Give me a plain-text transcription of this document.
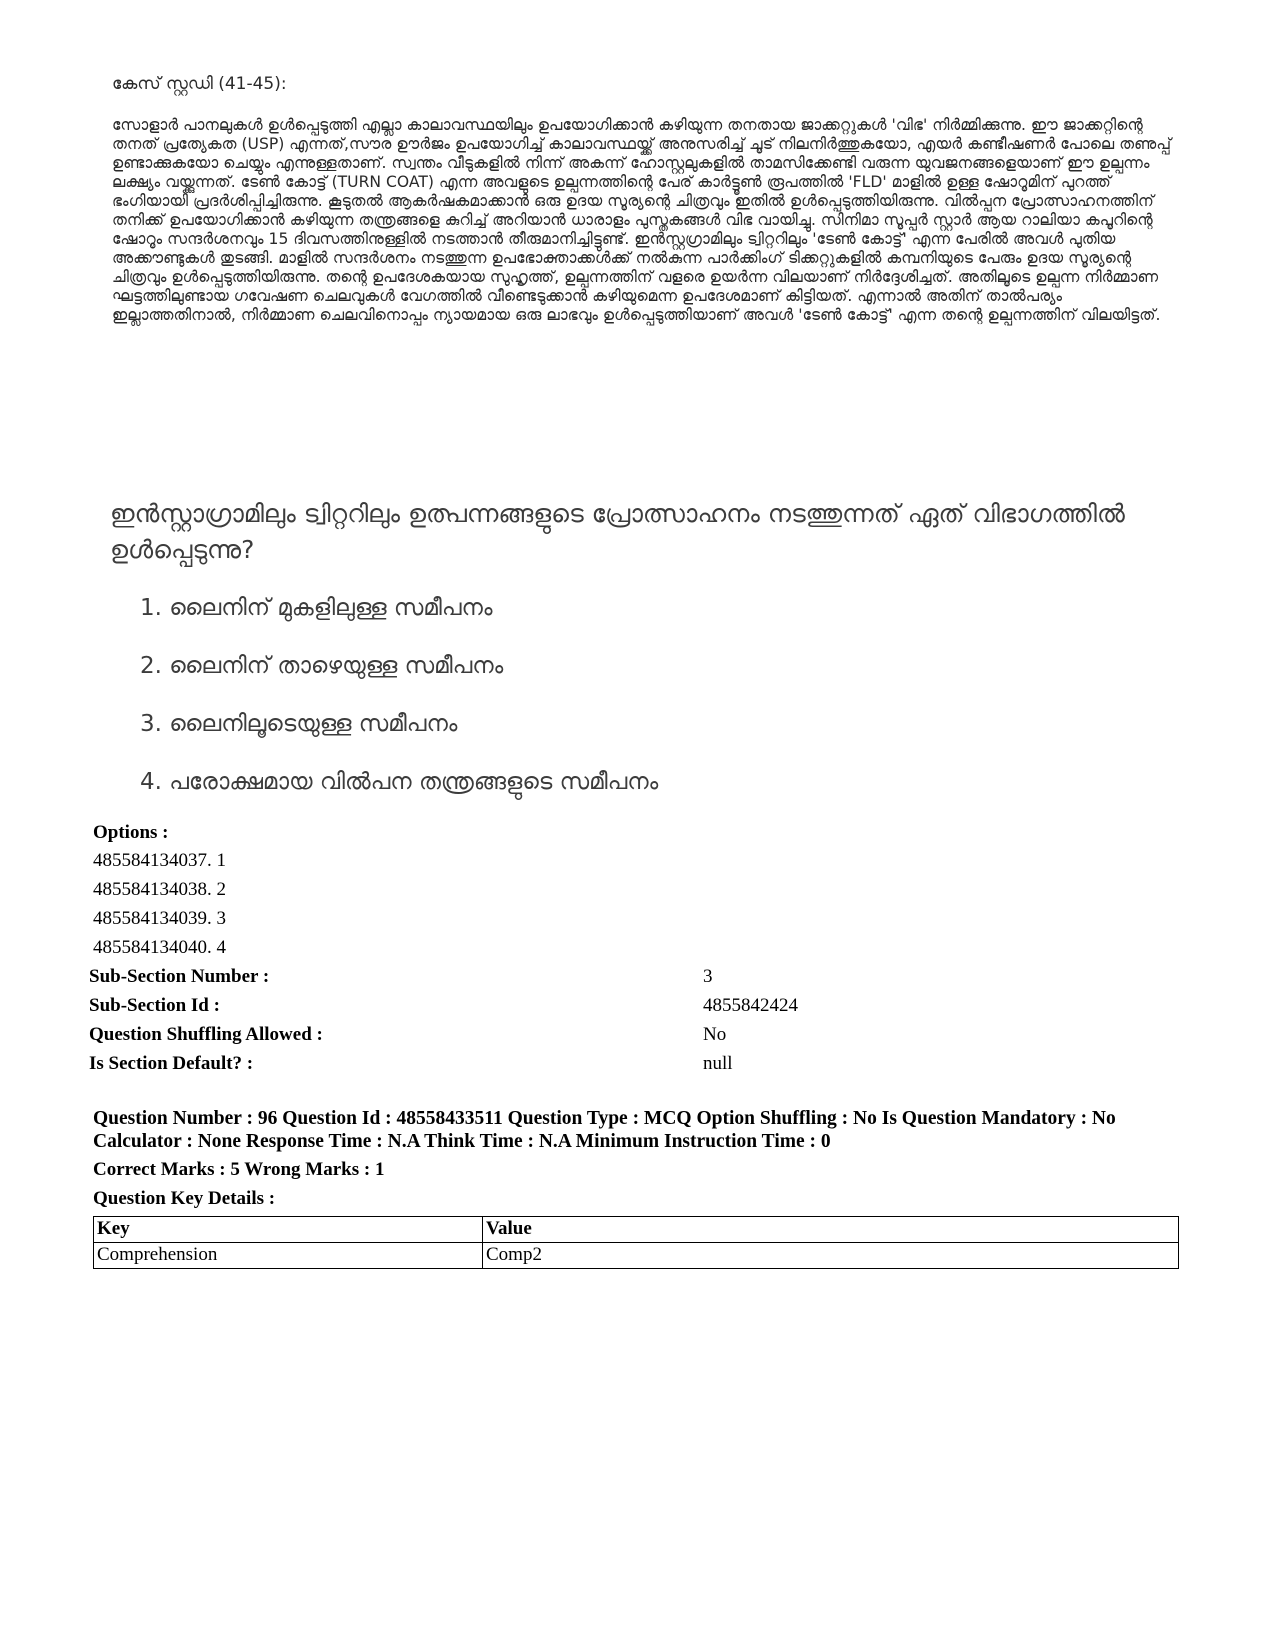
കേസ് സ്റ്റഡി (41-45):
സോളാർ പാനലുകൾ ഉൾപ്പെടുത്തി എല്ലാ കാലാവസ്ഥയിലും ഉപയോഗിക്കാൻ കഴിയുന്ന തനതായ ജാക്കറ്റുകൾ 'വിഭ' നിർമ്മിക്കുന്നു. ഈ ജാക്കറ്റിന്റെ തനത് പ്രത്യേകത (USP) എന്നത്,സൗര ഊർജം ഉപയോഗിച്ച് കാലാവസ്ഥയ്ക്ക് അനുസരിച്ച് ചൂട് നിലനിർത്തുകയോ, എയർ കണ്ടീഷണർ പോലെ തണുപ്പ് ഉണ്ടാക്കുകയോ ചെയ്യും എന്നുള്ളതാണ്. സ്വന്തം വീടുകളിൽ നിന്ന് അകന്ന് ഹോസ്റ്റലുകളിൽ താമസിക്കേണ്ടി വരുന്ന യുവജനങ്ങളെയാണ് ഈ ഉല്പന്നം ലക്ഷ്യം വയ്ക്കുന്നത്. ടേൺ കോട്ട് (TURN COAT) എന്ന അവളുടെ ഉല്പന്നത്തിന്റെ പേര് കാർട്ടൂൺ രൂപത്തിൽ 'FLD' മാളിൽ ഉള്ള ഷോറൂമിന് പുറത്ത് ഭംഗിയായി പ്രദർശിപ്പിച്ചിരുന്നു. കൂടുതൽ ആകർഷകമാക്കാൻ ഒരു ഉദയ സൂര്യന്റെ ചിത്രവും ഇതിൽ ഉൾപ്പെടുത്തിയിരുന്നു. വിൽപ്പന പ്രോത്സാഹനത്തിന് തനിക്ക് ഉപയോഗിക്കാൻ കഴിയുന്ന തന്ത്രങ്ങളെ കുറിച്ച് അറിയാൻ ധാരാളം പുസ്തകങ്ങൾ വിഭ വായിച്ചു. സിനിമാ സൂപ്പർ സ്റ്റാർ ആയ റാലിയാ കപൂറിന്റെ ഷോറൂം സന്ദർശനവും 15 ദിവസത്തിനുള്ളിൽ നടത്താൻ തീരുമാനിച്ചിട്ടുണ്ട്. ഇൻസ്റ്റഗ്രാമിലും ട്വിറ്ററിലും 'ടേൺ കോട്ട്' എന്ന പേരിൽ അവൾ പുതിയ അക്കൗണ്ടുകൾ തുടങ്ങി. മാളിൽ സന്ദർശനം നടത്തുന്ന ഉപഭോക്താക്കൾക്ക് നൽകുന്ന പാർക്കിംഗ് ടിക്കറ്റുകളിൽ കമ്പനിയുടെ പേരും ഉദയ സൂര്യന്റെ ചിത്രവും ഉൾപ്പെടുത്തിയിരുന്നു. തന്റെ ഉപദേശകയായ സുഹൃത്ത്, ഉല്പന്നത്തിന് വളരെ ഉയർന്ന വിലയാണ് നിർദ്ദേശിച്ചത്. അതിലൂടെ ഉല്പന്ന നിർമ്മാണ ഘട്ടത്തിലുണ്ടായ ഗവേഷണ ചെലവുകൾ വേഗത്തിൽ വീണ്ടെടുക്കാൻ കഴിയുമെന്ന ഉപദേശമാണ് കിട്ടിയത്. എന്നാൽ അതിന് താൽപര്യം ഇല്ലാത്തതിനാൽ, നിർമ്മാണ ചെലവിനൊപ്പം ന്യായമായ ഒരു ലാഭവും ഉൾപ്പെടുത്തിയാണ് അവൾ 'ടേൺ കോട്ട്' എന്ന തന്റെ ഉല്പന്നത്തിന് വിലയിട്ടത്.

ഇൻസ്റ്റാഗ്രാമിലും ട്വിറ്ററിലും ഉത്പന്നങ്ങളുടെ പ്രോത്സാഹനം നടത്തുന്നത് ഏത് വിഭാഗത്തിൽ ഉൾപ്പെടുന്നു?

1. ലൈനിന് മുകളിലുള്ള സമീപനം
2. ലൈനിന് താഴെയുള്ള സമീപനം
3. ലൈനിലൂടെയുള്ള സമീപനം
4. പരോക്ഷമായ വിൽപന തന്ത്രങ്ങളുടെ സമീപനം
Options :
485584134037. 1
485584134038. 2
485584134039. 3
485584134040. 4
Sub-Section Number :	3
Sub-Section Id :	4855842424
Question Shuffling Allowed :	No
Is Section Default? :	null
Question Number : 96 Question Id : 48558433511 Question Type : MCQ Option Shuffling : No Is Question Mandatory : No Calculator : None Response Time : N.A Think Time : N.A Minimum Instruction Time : 0
Correct Marks : 5 Wrong Marks : 1
Question Key Details :
Key	Value
Comprehension	Comp2
